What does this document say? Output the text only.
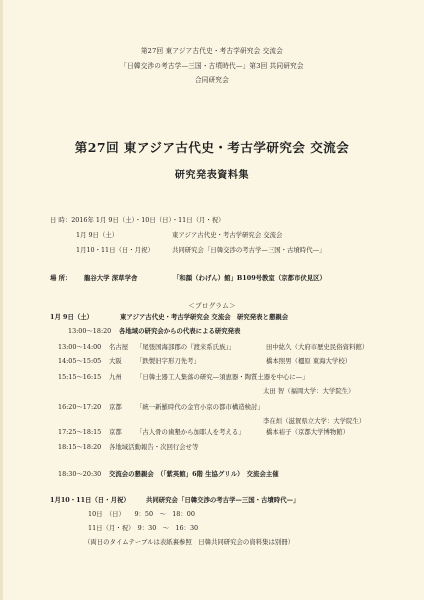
第27回 東アジア古代史・考古学研究会 交流会
「日韓交渉の考古学—三国・古墳時代—」第3回 共同研究会
合同研究会
第27回 東アジア古代史・考古学研究会 交流会
研究発表資料集
日 時：2016年 1月 9日（土）・10日（日）・11日（月・祝）
1月 9日（土）	東アジア古代史・考古学研究会 交流会
1月10・11日（日・月祝）	共同研究会「日韓交渉の考古学—三国・古墳時代—」
場 所： 龍谷大学 深草学舎	「和顔（わげん）館」B109号教室（京都市伏見区）
＜プログラム＞
1月 9日（土）	東アジア古代史・考古学研究会 交流会　研究発表と懇親会
13:00〜18:20 各地域の研究会からの代表による研究発表
13:00〜14:00 名古屋 「尾張国海部郡の『渡来系氏族』」	田中紘久（大府市歴史民俗資料館）
14:05〜15:05 大阪 「鉄製旧字形刀先考」	橋本照男（橿原 東海大学校）
15:15〜16:15 九州 「日韓土器工人集落の研究—須恵器・陶質土器を中心に—」
太田 智（福岡大学：大学院生）
16:20〜17:20 京都 「統一新羅時代の金官小京の都市構造検討」
李在烜（滋賀県立大学：大学院生）
17:25〜18:15 京都 「古人骨の歯墾から加耶人を考える」	橋本裕子（京都大学博物館）
18:15〜18:20 各地域活動報告・次回行会せ等
18:30〜20:30 交流会の懇親会　（「紫英館」6階 生協グリル）　交流会主催
1月10・11日（日・月祝）	共同研究会「日韓交渉の考古学—三国・古墳時代—」
10日　（日）　　9：50　〜　18：00
11日（月・祝）　9：30　〜　16：30
（両日のタイムテーブルは表紙裏参照　日韓共同研究会の資料集は別冊）
